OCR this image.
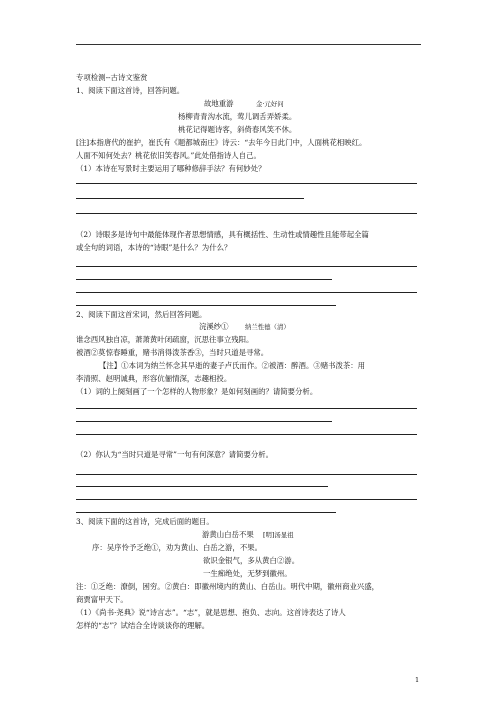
专项检测--古诗文鉴赏
1、阅读下面这首诗，回答问题。
故地重游	金·元好问
杨柳青青沟水流，莺儿调舌弄娇柔。
桃花记得题诗客，斜倚春风笑不休。
[注]本指唐代的崔护，崔氏有《题都城南庄》诗云：“去年今日此门中，人面桃花相映红。
人面不知何处去？桃花依旧笑春风。”此处借指诗人自己。
（1）本诗在写景时主要运用了哪种修辞手法？有何妙处？
（2）诗眼多是诗句中最能体现作者思想情感，具有概括性、生动性或情趣性且能带起全篇
或全句的词语，本诗的“诗眼”是什么？为什么？
2、阅读下面这首宋词，然后回答问题。
浣溪纱①	纳兰性德（清）
谁念西风独自凉，萧萧黄叶闭疏窗，沉思往事立残阳。
被酒②莫惊春睡重，赌书消得泼茶香③，当时只道是寻常。
【注】①本词为纳兰怀念其早逝的妻子卢氏而作。②被酒：醉酒。③赌书泼茶：用
李清照、赵明诚典，形容伉俪情深，志趣相投。
（1）词的上阕刻画了一个怎样的人物形象？是如何刻画的？请简要分析。
（2）你认为“当时只道是寻常”一句有何深意？请简要分析。
3、阅读下面的这首诗，完成后面的题目。
游黄山白岳不果 [明]汤显祖
序：吴序怜予乏绝①，劝为黄山、白岳之游，不果。
欲识金银气，多从黄白②游。
一生痴绝处，无梦到徽州。
注：①乏绝：潦倒，困穷。②黄白：即徽州境内的黄山、白岳山。明代中期，徽州商业兴盛，
商贾富甲天下。
（1）《尚书·尧典》说“诗言志”。“志”，就是思想、抱负、志向。这首诗表达了诗人
怎样的“志”？试结合全诗谈谈你的理解。
1
